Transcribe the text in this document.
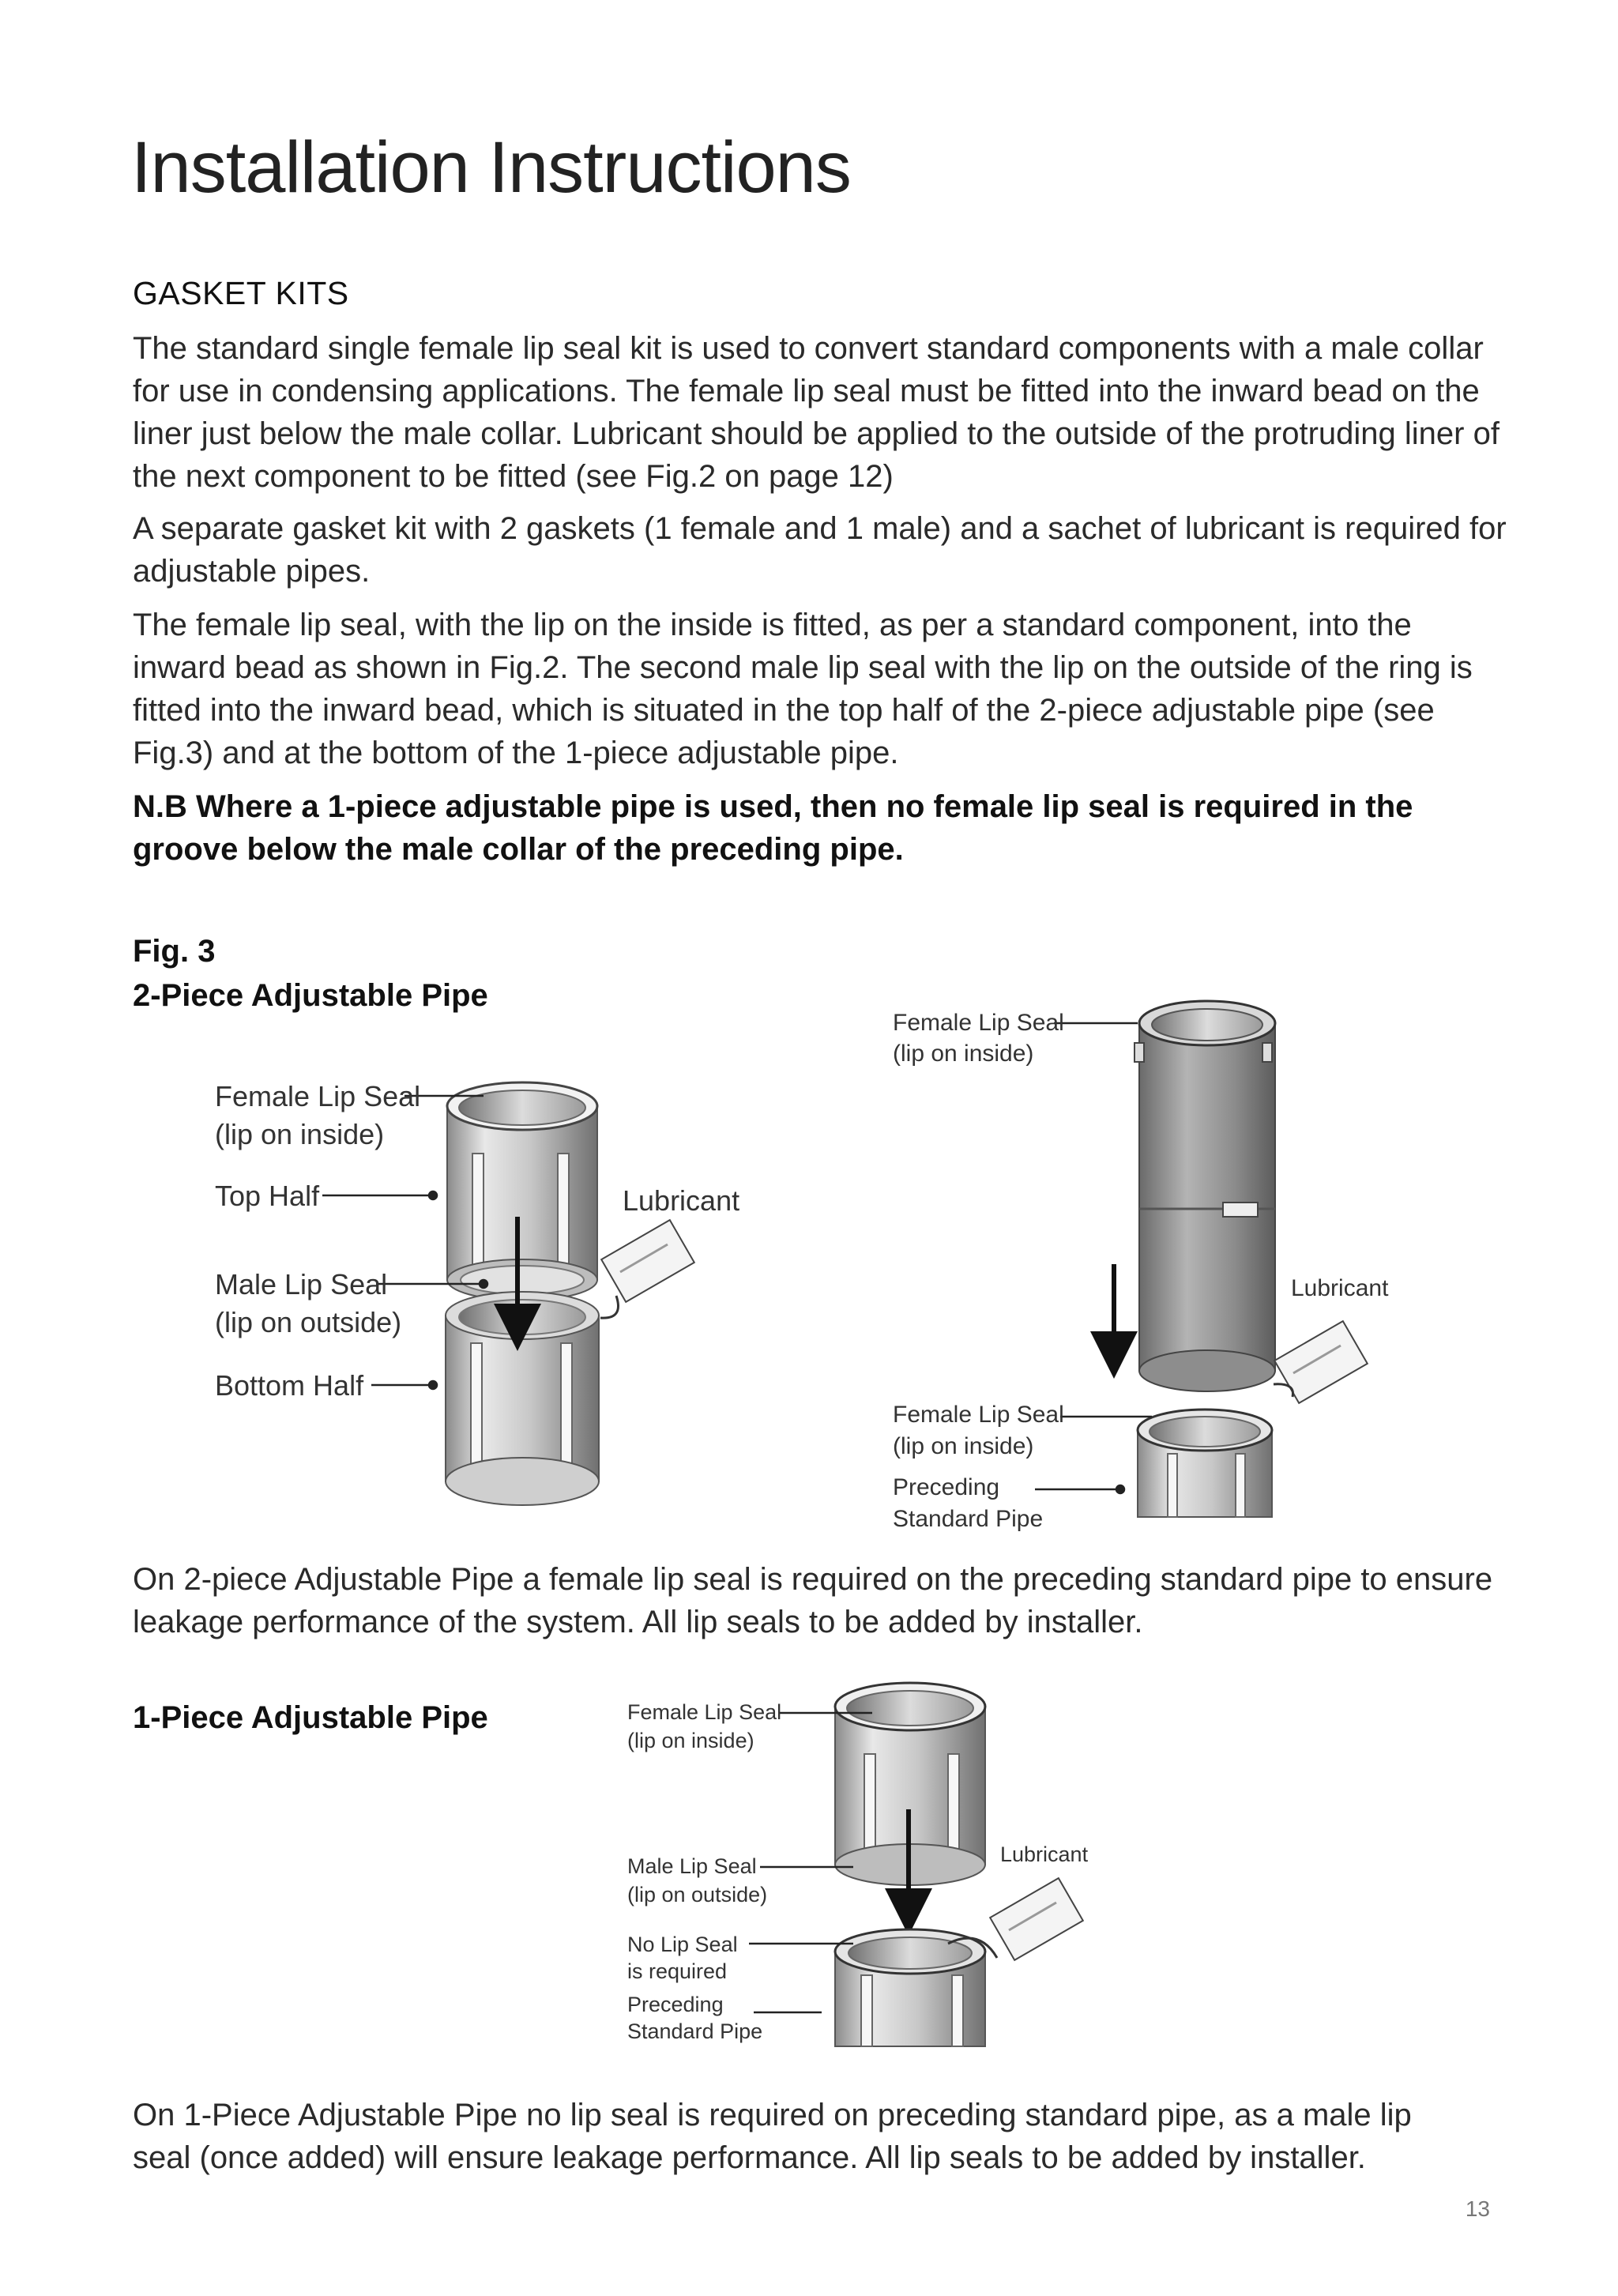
Installation Instructions
GASKET KITS
The standard single female lip seal kit is used to convert standard components with a male collar for use in condensing applications. The female lip seal must be fitted into the inward bead on the liner just below the male collar. Lubricant should be applied to the outside of the protruding liner of the next component to be fitted (see Fig.2 on page 12)
A separate gasket kit with 2 gaskets (1 female and 1 male) and a sachet of lubricant is required for adjustable pipes.
The female lip seal, with the lip on the inside is fitted, as per a standard component, into the inward bead as shown in Fig.2. The second male lip seal with the lip on the outside of the ring is fitted into the inward bead, which is situated in the top half of the 2-piece adjustable pipe (see Fig.3) and at the bottom of the 1-piece adjustable pipe.
N.B Where a 1-piece adjustable pipe is used, then no female lip seal is required in the groove below the male collar of the preceding pipe.
Fig. 3
2-Piece Adjustable Pipe
Female Lip Seal
(lip on inside)
Top Half
Male Lip Seal
(lip on outside)
Bottom Half
Lubricant
Female Lip Seal
(lip on inside)
Lubricant
Female Lip Seal
(lip on inside)
Preceding
Standard Pipe
On 2-piece Adjustable Pipe a female lip seal is required on the preceding standard pipe to ensure leakage performance of the system. All lip seals to be added by installer.
1-Piece Adjustable Pipe	Female Lip Seal
(lip on inside)
Male Lip Seal
(lip on outside)
Lubricant
No Lip Seal
is required
Preceding
Standard Pipe
On 1-Piece Adjustable Pipe no lip seal is required on preceding standard pipe, as a male lip seal (once added) will ensure leakage performance. All lip seals to be added by installer.
13
